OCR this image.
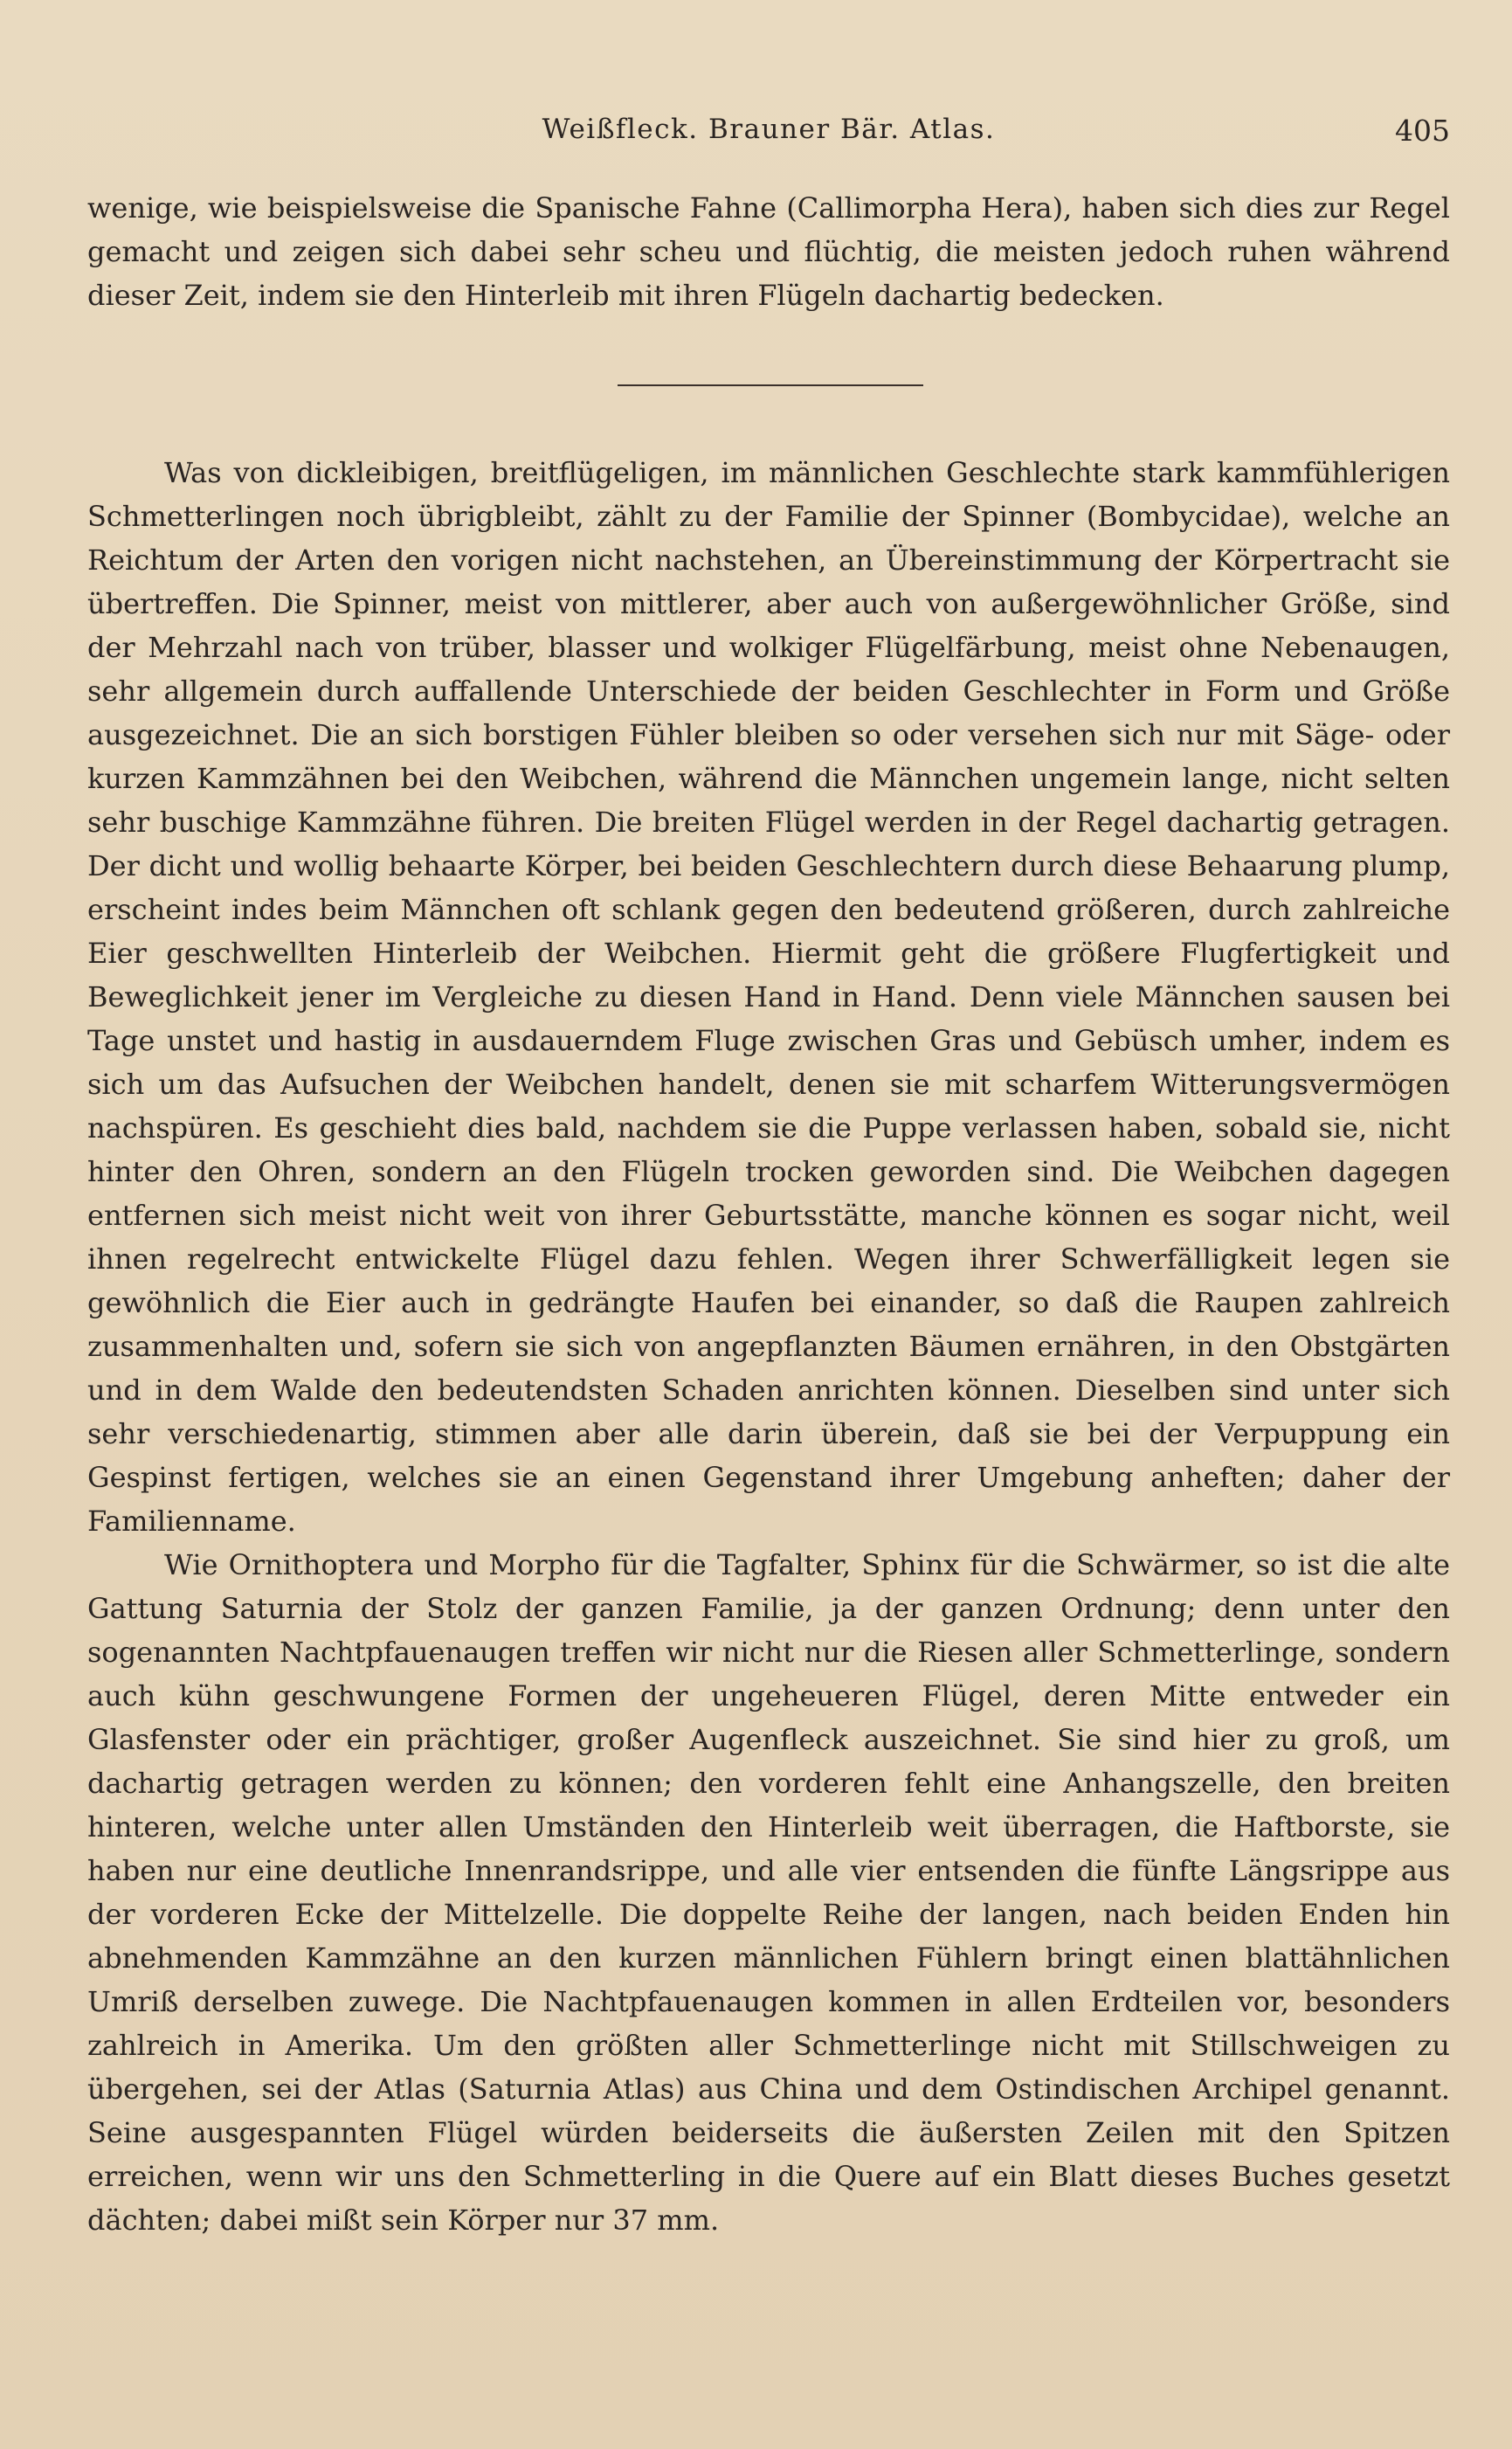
Weißfleck. Brauner Bär. Atlas.	405

wenige, wie beispielsweise die Spanische Fahne (Callimorpha Hera), haben sich dies zur Regel gemacht und zeigen sich dabei sehr scheu und flüchtig, die meisten jedoch ruhen während dieser Zeit, indem sie den Hinterleib mit ihren Flügeln dachartig bedecken.

Was von dickleibigen, breitflügeligen, im männlichen Geschlechte stark kammfühlerigen Schmetterlingen noch übrigbleibt, zählt zu der Familie der Spinner (Bombycidae), welche an Reichtum der Arten den vorigen nicht nachstehen, an Übereinstimmung der Körpertracht sie übertreffen. Die Spinner, meist von mittlerer, aber auch von außergewöhnlicher Größe, sind der Mehrzahl nach von trüber, blasser und wolkiger Flügelfärbung, meist ohne Nebenaugen, sehr allgemein durch auffallende Unterschiede der beiden Geschlechter in Form und Größe ausgezeichnet. Die an sich borstigen Fühler bleiben so oder versehen sich nur mit Säge- oder kurzen Kammzähnen bei den Weibchen, während die Männchen ungemein lange, nicht selten sehr buschige Kammzähne führen. Die breiten Flügel werden in der Regel dachartig getragen. Der dicht und wollig behaarte Körper, bei beiden Geschlechtern durch diese Behaarung plump, erscheint indes beim Männchen oft schlank gegen den bedeutend größeren, durch zahlreiche Eier geschwellten Hinterleib der Weibchen. Hiermit geht die größere Flugfertigkeit und Beweglichkeit jener im Vergleiche zu diesen Hand in Hand. Denn viele Männchen sausen bei Tage unstet und hastig in ausdauerndem Fluge zwischen Gras und Gebüsch umher, indem es sich um das Aufsuchen der Weibchen handelt, denen sie mit scharfem Witterungsvermögen nachspüren. Es geschieht dies bald, nachdem sie die Puppe verlassen haben, sobald sie, nicht hinter den Ohren, sondern an den Flügeln trocken geworden sind. Die Weibchen dagegen entfernen sich meist nicht weit von ihrer Geburtsstätte, manche können es sogar nicht, weil ihnen regelrecht entwickelte Flügel dazu fehlen. Wegen ihrer Schwerfälligkeit legen sie gewöhnlich die Eier auch in gedrängte Haufen bei einander, so daß die Raupen zahlreich zusammenhalten und, sofern sie sich von angepflanzten Bäumen ernähren, in den Obstgärten und in dem Walde den bedeutendsten Schaden anrichten können. Dieselben sind unter sich sehr verschiedenartig, stimmen aber alle darin überein, daß sie bei der Verpuppung ein Gespinst fertigen, welches sie an einen Gegenstand ihrer Umgebung anheften; daher der Familienname.

Wie Ornithoptera und Morpho für die Tagfalter, Sphinx für die Schwärmer, so ist die alte Gattung Saturnia der Stolz der ganzen Familie, ja der ganzen Ordnung; denn unter den sogenannten Nachtpfauenaugen treffen wir nicht nur die Riesen aller Schmetterlinge, sondern auch kühn geschwungene Formen der ungeheueren Flügel, deren Mitte entweder ein Glasfenster oder ein prächtiger, großer Augenfleck auszeichnet. Sie sind hier zu groß, um dachartig getragen werden zu können; den vorderen fehlt eine Anhangszelle, den breiten hinteren, welche unter allen Umständen den Hinterleib weit überragen, die Haftborste, sie haben nur eine deutliche Innenrandsrippe, und alle vier entsenden die fünfte Längsrippe aus der vorderen Ecke der Mittelzelle. Die doppelte Reihe der langen, nach beiden Enden hin abnehmenden Kammzähne an den kurzen männlichen Fühlern bringt einen blattähnlichen Umriß derselben zuwege. Die Nachtpfauenaugen kommen in allen Erdteilen vor, besonders zahlreich in Amerika. Um den größten aller Schmetterlinge nicht mit Stillschweigen zu übergehen, sei der Atlas (Saturnia Atlas) aus China und dem Ostindischen Archipel genannt. Seine ausgespannten Flügel würden beiderseits die äußersten Zeilen mit den Spitzen erreichen, wenn wir uns den Schmetterling in die Quere auf ein Blatt dieses Buches gesetzt dächten; dabei mißt sein Körper nur 37 mm.
